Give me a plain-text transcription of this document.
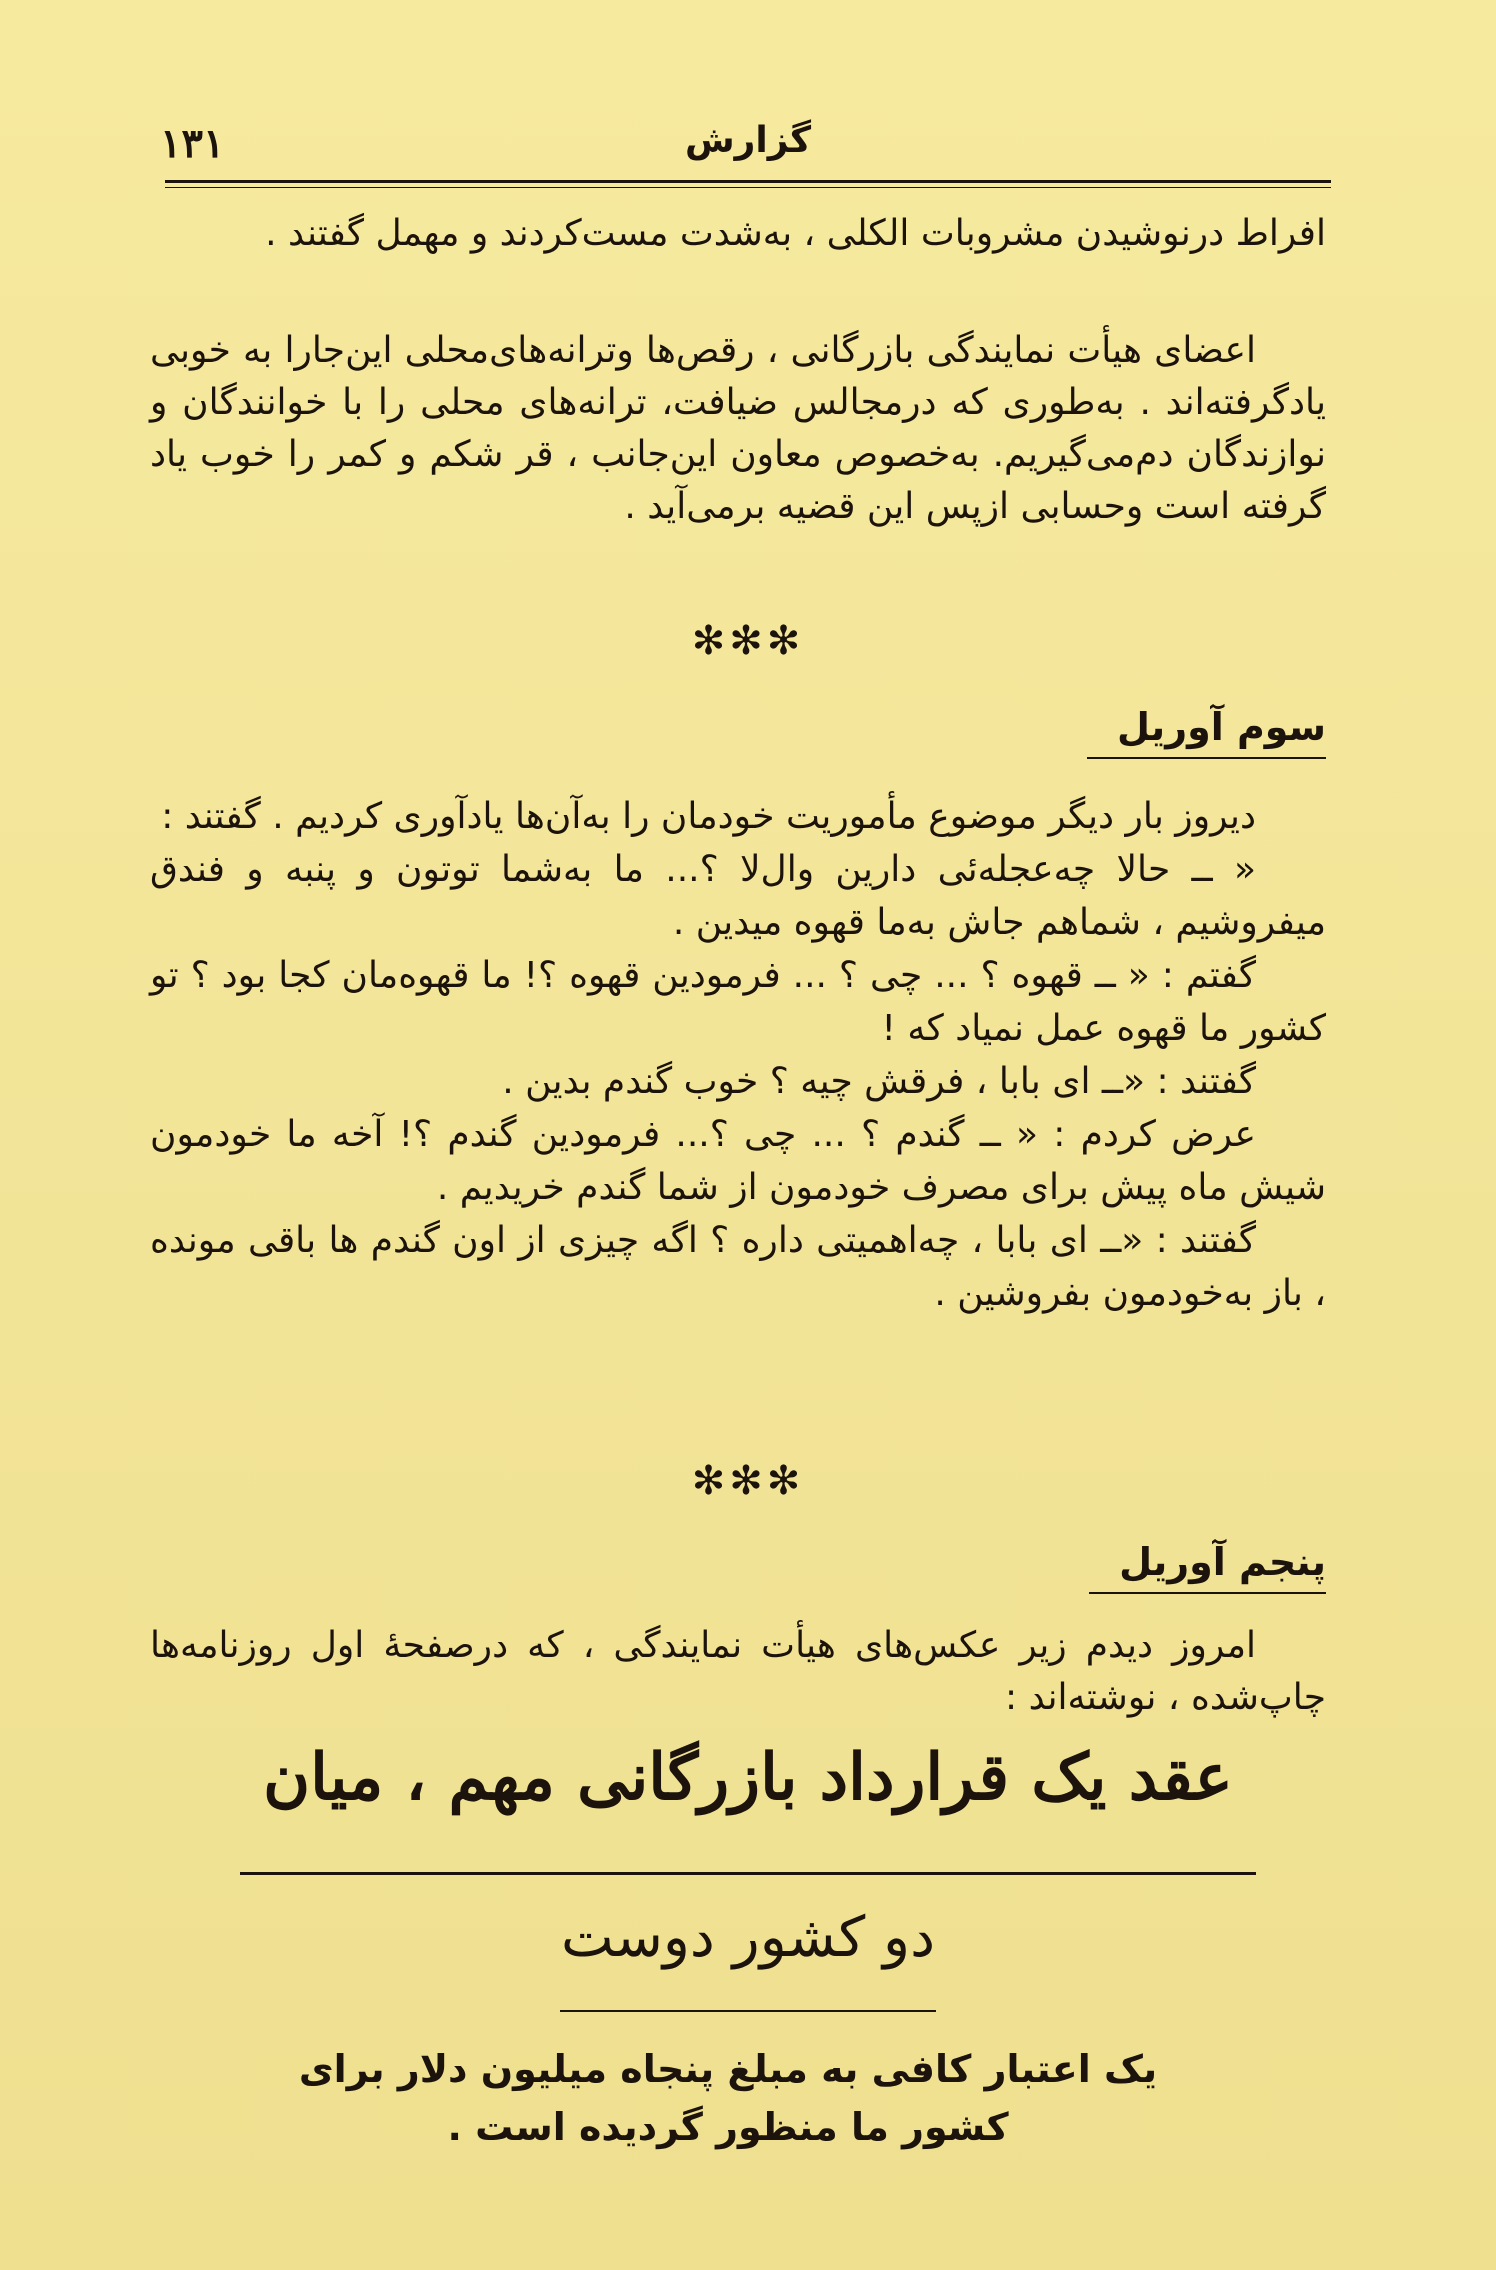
۱۳۱	گزارش
افراط درنوشیدن مشروبات الکلی ، به‌شدت مست‌کردند و مهمل گفتند .
اعضای هیأت نمایندگی بازرگانی ، رقص‌ها وترانه‌های‌محلی این‌جارا به خوبی یادگرفته‌اند . به‌طوری که درمجالس ضیافت، ترانه‌های محلی را با خوانندگان و نوازندگان دم‌می‌گیریم. به‌خصوص معاون این‌جانب ، قر شکم و کمر را خوب یاد گرفته است وحسابی ازپس این قضیه برمی‌آید .
✻✻✻
سوم آوریل

دیروز بار دیگر موضوع مأموریت خودمان را به‌آن‌ها یادآوری کردیم . گفتند :

« ــ حالا چه‌عجله‌ئی دارین وال‌لا ؟... ما به‌شما توتون و پنبه و فندق میفروشیم ، شماهم جاش به‌ما قهوه میدین .

گفتم : « ــ قهوه ؟ ... چی ؟ ... فرمودین قهوه ؟! ما قهوه‌مان کجا بود ؟ تو کشور ما قهوه عمل نمیاد که !

گفتند : «ــ ای بابا ، فرقش چیه ؟ خوب گندم بدین .

عرض کردم : « ــ گندم ؟ ... چی ؟... فرمودین گندم ؟! آخه ما خودمون شیش ماه پیش برای مصرف خودمون از شما گندم خریدیم .

گفتند : «ــ ای بابا ، چه‌اهمیتی داره ؟ اگه چیزی از اون گندم ها باقی مونده ، باز به‌خودمون بفروشین .

✻✻✻
پنجم آوریل
امروز دیدم زیر عکس‌های هیأت نمایندگی ، که درصفحهٔ اول روزنامه‌ها چاپ‌شده ، نوشته‌اند :
عقد یک قرارداد بازرگانی مهم ، میان
دو کشور دوست
یک اعتبار کافی به مبلغ پنجاه میلیون دلار برای کشور ما منظور گردیده است .
